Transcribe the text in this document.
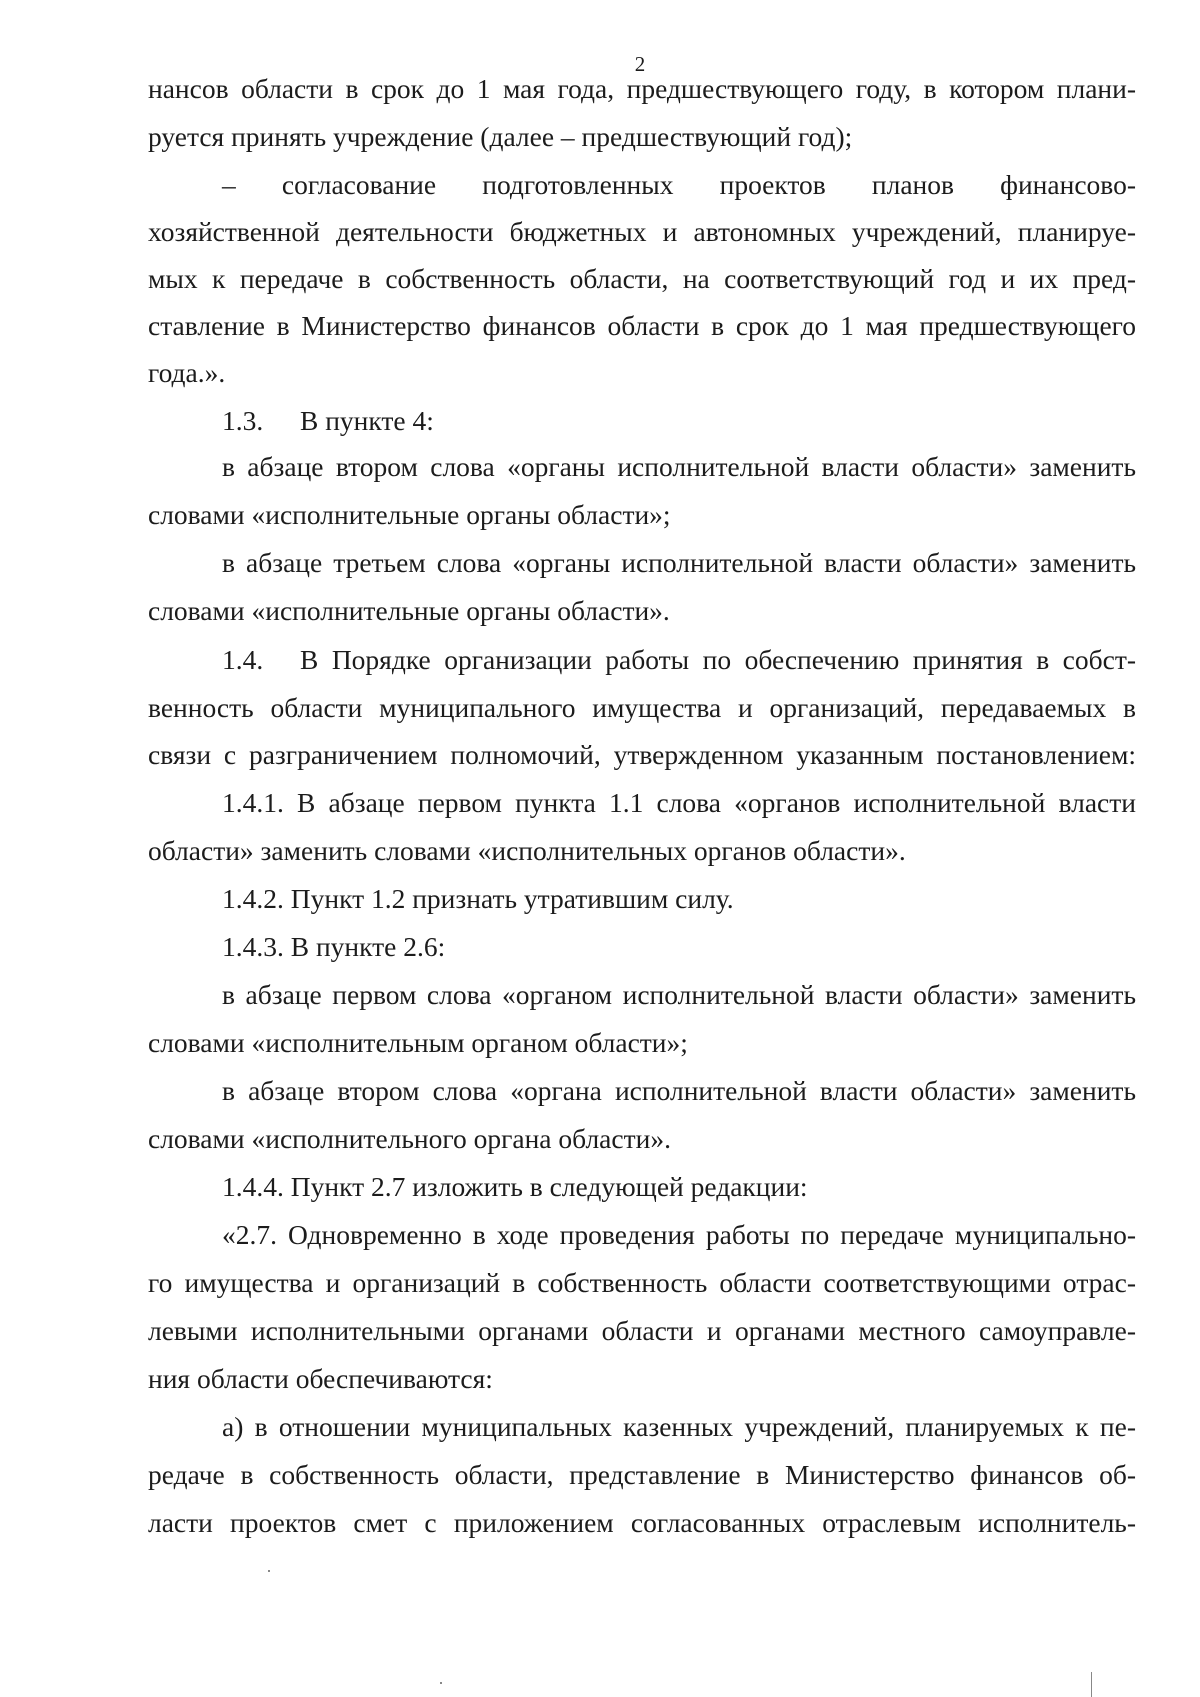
2
нансов области в срок до 1 мая года, предшествующего году, в котором плани-
руется принять учреждение (далее – предшествующий год);
– согласование подготовленных проектов планов финансово-
хозяйственной деятельности бюджетных и автономных учреждений, планируе-
мых к передаче в собственность области, на соответствующий год и их пред-
ставление в Министерство финансов области в срок до 1 мая предшествующего
года.».
1.3. В пункте 4:
в абзаце втором слова «органы исполнительной власти области» заменить
словами «исполнительные органы области»;
в абзаце третьем слова «органы исполнительной власти области» заменить
словами «исполнительные органы области».
1.4.	В Порядке организации работы по обеспечению принятия в собст-
венность области муниципального имущества и организаций, передаваемых в
связи с разграничением полномочий, утвержденном указанным постановлением:
1.4.1. В абзаце первом пункта 1.1 слова «органов исполнительной власти
области» заменить словами «исполнительных органов области».
1.4.2. Пункт 1.2 признать утратившим силу.
1.4.3. В пункте 2.6:
в абзаце первом слова «органом исполнительной власти области» заменить
словами «исполнительным органом области»;
в абзаце втором слова «органа исполнительной власти области» заменить
словами «исполнительного органа области».
1.4.4. Пункт 2.7 изложить в следующей редакции:
«2.7. Одновременно в ходе проведения работы по передаче муниципально-
го имущества и организаций в собственность области соответствующими отрас-
левыми исполнительными органами области и органами местного самоуправле-
ния области обеспечиваются:
а) в отношении муниципальных казенных учреждений, планируемых к пе-
редаче в собственность области, представление в Министерство финансов об-
ласти проектов смет с приложением согласованных отраслевым исполнитель-
